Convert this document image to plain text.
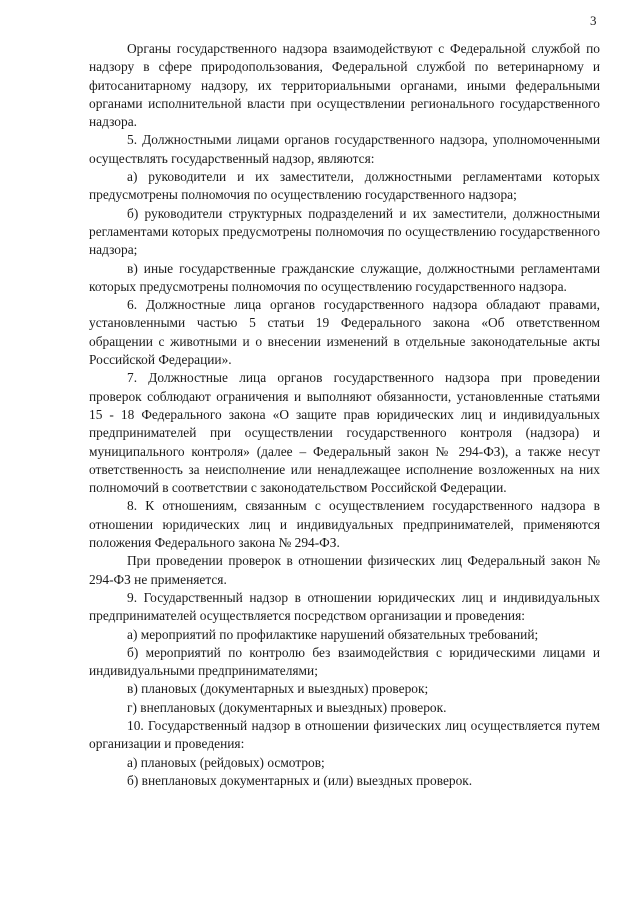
3

Органы государственного надзора взаимодействуют с Федеральной службой по надзору в сфере природопользования, Федеральной службой по ветеринарному и фитосанитарному надзору, их территориальными органами, иными федеральными органами исполнительной власти при осуществлении регионального государственного надзора.

5. Должностными лицами органов государственного надзора, уполномоченными осуществлять государственный надзор, являются:

а) руководители и их заместители, должностными регламентами которых предусмотрены полномочия по осуществлению государственного надзора;

б) руководители структурных подразделений и их заместители, должностными регламентами которых предусмотрены полномочия по осуществлению государственного надзора;

в) иные государственные гражданские служащие, должностными регламентами которых предусмотрены полномочия по осуществлению государственного надзора.

6. Должностные лица органов государственного надзора обладают правами, установленными частью 5 статьи 19 Федерального закона «Об ответственном обращении с животными и о внесении изменений в отдельные законодательные акты Российской Федерации».

7. Должностные лица органов государственного надзора при проведении проверок соблюдают ограничения и выполняют обязанности, установленные статьями 15 - 18 Федерального закона «О защите прав юридических лиц и индивидуальных предпринимателей при осуществлении государственного контроля (надзора) и муниципального контроля» (далее – Федеральный закон № 294-ФЗ), а также несут ответственность за неисполнение или ненадлежащее исполнение возложенных на них полномочий в соответствии с законодательством Российской Федерации.

8. К отношениям, связанным с осуществлением государственного надзора в отношении юридических лиц и индивидуальных предпринимателей, применяются положения Федерального закона № 294-ФЗ.

При проведении проверок в отношении физических лиц Федеральный закон № 294-ФЗ не применяется.

9. Государственный надзор в отношении юридических лиц и индивидуальных предпринимателей осуществляется посредством организации и проведения:

а) мероприятий по профилактике нарушений обязательных требований;

б) мероприятий по контролю без взаимодействия с юридическими лицами и индивидуальными предпринимателями;

в) плановых (документарных и выездных) проверок;

г) внеплановых (документарных и выездных) проверок.

10. Государственный надзор в отношении физических лиц осуществляется путем организации и проведения:

а) плановых (рейдовых) осмотров;

б) внеплановых документарных и (или) выездных проверок.
